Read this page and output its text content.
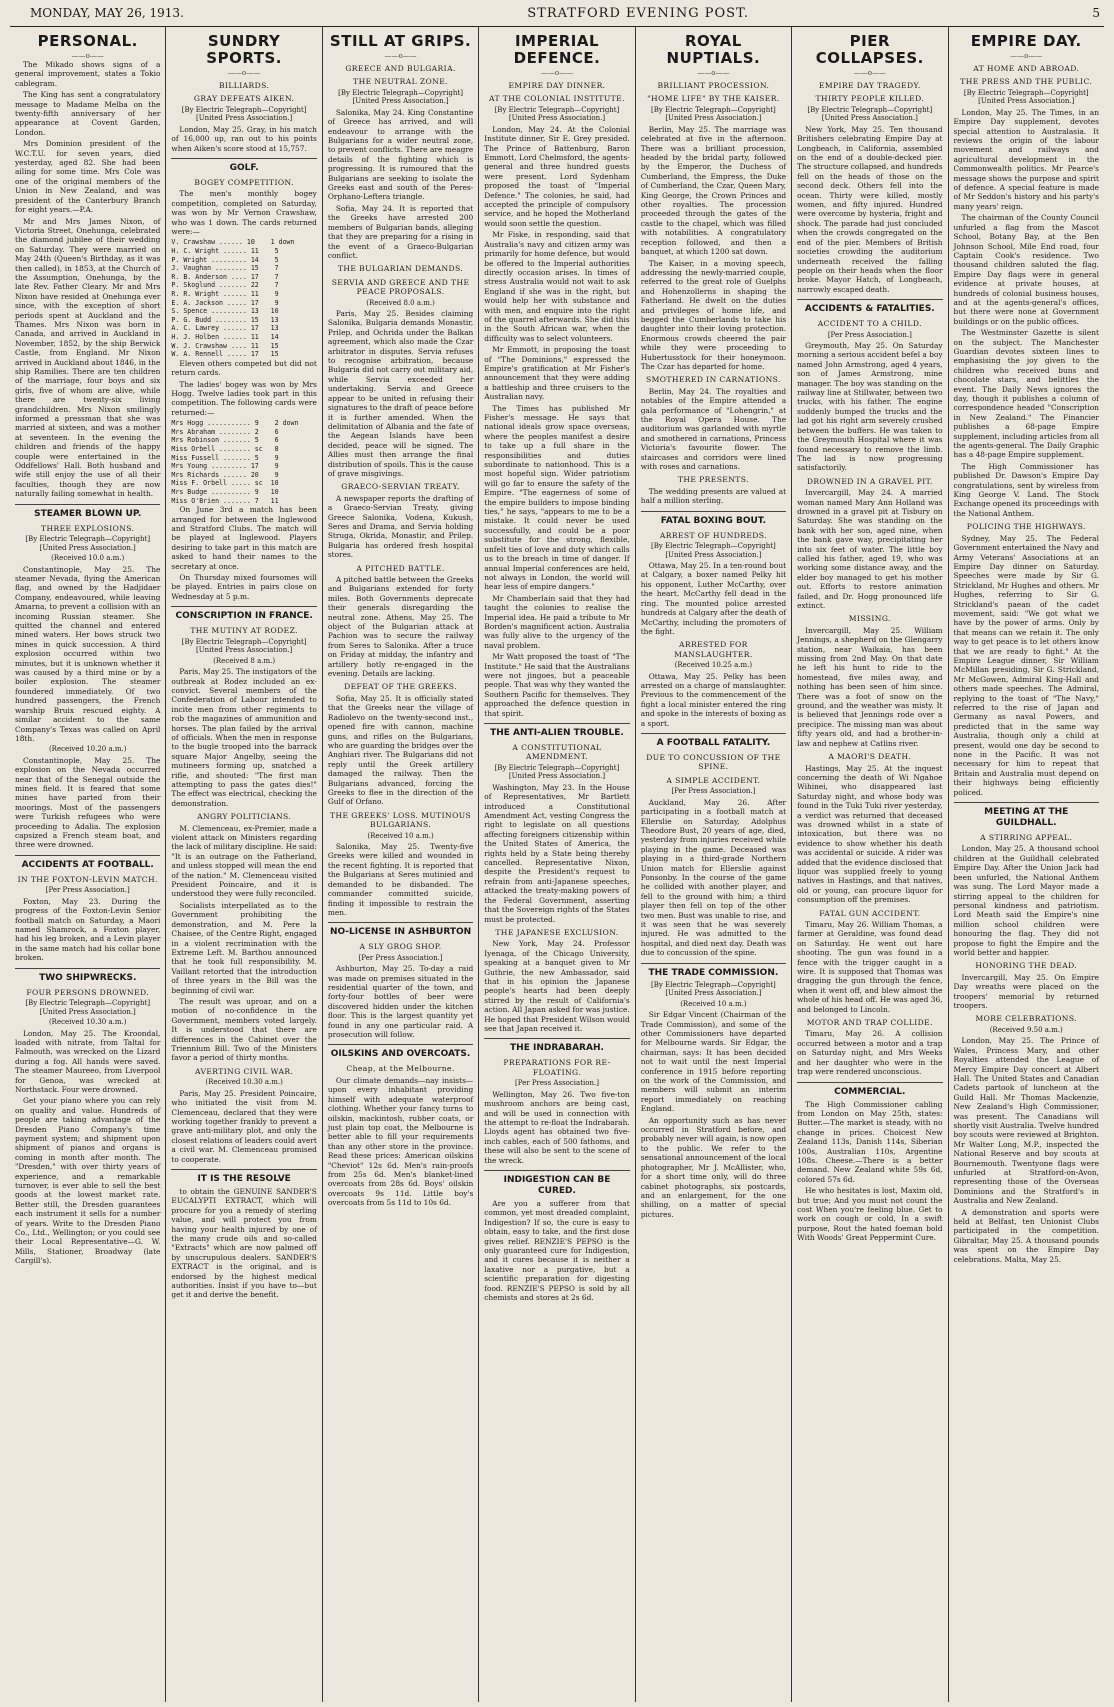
MONDAY, MAY 26, 1913.	STRATFORD EVENING POST.	5
PERSONAL.
——o——

The Mikado shows signs of a general improvement, states a Tokio cablegram.

The King has sent a congratulatory message to Madame Melba on the twenty-fifth anniversary of her appearance at Covent Garden, London.

Mrs Dominion president of the W.C.T.U. for seven years, died yesterday, aged 82. She had been ailing for some time. Mrs Cole was one of the original members of the Union in New Zealand, and was president of the Canterbury Branch for eight years.—P.A.

Mr and Mrs James Nixon, of Victoria Street, Onehunga, celebrated the diamond jubilee of their wedding on Saturday. They were married on May 24th (Queen's Birthday, as it was then called), in 1853, at the Church of the Assumption, Onehunga, by the late Rev. Father Cleary. Mr and Mrs Nixon have resided at Onehunga ever since, with the exception of short periods spent at Auckland and the Thames. Mrs Nixon was born in Canada, and arrived in Auckland in November, 1852, by the ship Berwick Castle, from England. Mr Nixon arrived in Auckland about 1846, in the ship Ramilies. There are ten children of the marriage, four boys and six girls, five of whom are alive, while there are twenty-six living grandchildren. Mrs Nixon smilingly informed a pressman that she was married at sixteen, and was a mother at seventeen. In the evening the children and friends of the happy couple were entertained in the Oddfellows' Hall. Both husband and wife still enjoy the use of all their faculties, though they are now naturally failing somewhat in health.

STEAMER BLOWN UP.
THREE EXPLOSIONS.
[By Electric Telegraph—Copyright] [United Press Association.]
(Received 10.0 a.m.)

Constantinople, May 25. The steamer Nevada, flying the American flag, and owned by the Hadjidaer Company, endeavoured, while leaving Amarna, to prevent a collision with an incoming Russian steamer. She quitted the channel and entered mined waters. Her bows struck two mines in quick succession. A third explosion occurred within two minutes, but it is unknown whether it was caused by a third mine or by a boiler explosion. The steamer foundered immediately. Of two hundred passengers, the French warship Bruix rescued eighty. A similar accident to the same Company's Texas was called on April 18th.

(Received 10.20 a.m.)

Constantinople, May 25. The explosion on the Nevada occurred near that of the Senegal outside the mines field. It is feared that some mines have parted from their moorings. Most of the passengers were Turkish refugees who were proceeding to Adalia. The explosion capsized a French steam boat, and three were drowned.

ACCIDENTS AT FOOTBALL.
IN THE FOXTON-LEVIN MATCH.
[Per Press Association.]

Foxton, May 23. During the progress of the Foxton-Levin Senior football match on Saturday, a Maori named Shamrock, a Foxton player, had his leg broken, and a Levin player in the same match had his collar bone broken.

TWO SHIPWRECKS.
FOUR PERSONS DROWNED.
[By Electric Telegraph—Copyright] [United Press Association.]
(Received 10.30 a.m.)

London, May 25. The Kroondal, loaded with nitrate, from Taltal for Falmouth, was wrecked on the Lizard during a fog. All hands were saved. The steamer Maureeo, from Liverpool for Genoa, was wrecked at Northstack. Four were drowned.

Get your piano where you can rely on quality and value. Hundreds of people are taking advantage of the Dresden Piano Company's time payment system; and shipment upon shipment of pianos and organs is coming in month after month. The "Dresden," with over thirty years of experience, and a remarkable turnover, is ever able to sell the best goods at the lowest market rate. Better still, the Dresden guarantees each instrument it sells for a number of years. Write to the Dresden Piano Co., Ltd., Wellington; or you could see their Local Representative—G. W. Mills, Stationer, Broadway (late Cargill's).

SUNDRY SPORTS.
——o——
BILLIARDS.
GRAY DEFEATS AIKEN.
[By Electric Telegraph—Copyright] [United Press Association.]

London, May 25. Gray, in his match of 16,000 up, ran out to his points when Aiken's score stood at 15,757.

GOLF.
BOGEY COMPETITION.

The men's monthly bogey competition, completed on Saturday, was won by Mr Vernon Crawshaw, who was 1 down. The cards returned were:—

V. Crawshaw ...... 10    1 down
H. C. Wright ...... 11    5
P. Wright ......... 14    5
J. Vaughan ........ 15    7
R. B. Anderson .... 17    7
P. Skoglund ....... 22    7
R. R. Wright ...... 11    9
E. A. Jackson ..... 17    9
S. Spence ......... 13   10
P. G. Budd ........ 15   13
A. C. Lawrey ...... 17   13
H. J. Holben ...... 11   14
W. J. Crawshaw .... 11   15
W. A. Rennell ..... 17   15

Eleven others competed but did not return cards.

The ladies' bogey was won by Mrs Hogg. Twelve ladies took part in this competition. The following cards were returned:—

Mrs Hogg ........... 9    2 down
Mrs Abraham ........ 2    6
Mrs Robinson ....... 5    6
Miss Orbell ........ sc   8
Miss Fussell ....... 5    9
Mrs Young ......... 17    9
Mrs Richards ...... 20    9
Miss F. Orbell ..... sc  10
Mrs Budge .......... 9   10
Miss O'Brien ....... 7   11

On June 3rd a match has been arranged for between the Inglewood and Stratford Clubs. The match will be played at Inglewood. Players desiring to take part in this match are asked to hand their names to the secretary at once.

On Thursday mixed foursomes will be played. Entries in pairs close on Wednesday at 5 p.m.

CONSCRIPTION IN FRANCE.
THE MUTINY AT RODEZ.
[By Electric Telegraph—Copyright] [United Press Association.]
(Received 8 a.m.)

Paris, May 25. The instigators of the outbreak at Rodez included an ex-convict. Several members of the Confederation of Labour intended to incite men from other regiments to rob the magazines of ammunition and horses. The plan failed by the arrival of officials. When the men in response to the bugle trooped into the barrack square Major Angelby, seeing the mutineers forming up, snatched a rifle, and shouted: "The first man attempting to pass the gates dies!" The effect was electrical, checking the demonstration.

ANGRY POLITICIANS.

M. Clemenceau, ex-Premier, made a violent attack on Ministers regarding the lack of military discipline. He said: "It is an outrage on the Fatherland, and unless stopped will mean the end of the nation." M. Clemenceau visited President Poincaire, and it is understood they were fully reconciled.

Socialists interpellated as to the Government prohibiting the demonstration, and M. Pere la Chaisee, of the Centre Right, engaged in a violent recrimination with the Extreme Left. M. Barthou announced that he took full responsibility. M. Vaillant retorted that the introduction of three years in the Bill was the beginning of civil war.

The result was uproar, and on a motion of no-confidence in the Government, members voted largely. It is understood that there are differences in the Cabinet over the Triennium Bill. Two of the Ministers favor a period of thirty months.

AVERTING CIVIL WAR.
(Received 10.30 a.m.)

Paris, May 25. President Poincaire, who initiated the visit from M. Clemenceau, declared that they were working together frankly to prevent a grave anti-military plot, and only the closest relations of leaders could avert a civil war. M. Clemenceau promised to cooperate.

IT IS THE RESOLVE

to obtain the GENUINE SANDER'S EUCALYPTI EXTRACT, which will procure for you a remedy of sterling value, and will protect you from having your health injured by one of the many crude oils and so-called "Extracts" which are now palmed off by unscrupulous dealers. SANDER'S EXTRACT is the original, and is endorsed by the highest medical authorities. Insist if you have to—but get it and derive the benefit.

STILL AT GRIPS.
——o——
GREECE AND BULGARIA.
THE NEUTRAL ZONE.
[By Electric Telegraph—Copyright] [United Press Association.]

Salonika, May 24. King Constantine of Greece has arrived, and will endeavour to arrange with the Bulgarians for a wider neutral zone, to prevent conflicts. There are meagre details of the fighting which is progressing. It is rumoured that the Bulgarians are seeking to isolate the Greeks east and south of the Peres-Orphano-Leftera triangle.

Sofia, May 24. It is reported that the Greeks have arrested 200 members of Bulgarian bands, alleging that they are preparing for a rising in the event of a Graeco-Bulgarian conflict.

THE BULGARIAN DEMANDS.
SERVIA AND GREECE AND THE PEACE PROPOSALS.
(Received 8.0 a.m.)

Paris, May 25. Besides claiming Salonika, Bulgaria demands Monastir, Prilep, and Ochrida under the Balkan agreement, which also made the Czar arbitrator in disputes. Servia refuses to recognise arbitration, because Bulgaria did not carry out military aid, while Servia exceeded her undertaking. Servia and Greece appear to be united in refusing their signatures to the draft of peace before it is further amended. When the delimitation of Albania and the fate of the Aegean Islands have been decided, peace will be signed. The Allies must then arrange the final distribution of spoils. This is the cause of grave misgivings.

GRAECO-SERVIAN TREATY.

A newspaper reports the drafting of a Graeco-Servian Treaty, giving Greece Salonika, Vodena, Kukush, Seres and Drama, and Servia holding Struga, Okrida, Monastir, and Prilep. Bulgaria has ordered fresh hospital stores.

A PITCHED BATTLE.

A pitched battle between the Greeks and Bulgarians extended for forty miles. Both Governments deprecate their generals disregarding the neutral zone. Athens, May 25. The object of the Bulgarian attack at Pachion was to secure the railway from Seres to Salonika. After a truce on Friday at midday, the infantry and artillery hotly re-engaged in the evening. Details are lacking.

DEFEAT OF THE GREEKS.

Sofia, May 25. It is officially stated that the Greeks near the village of Radiolevo on the twenty-second inst., opened fire with cannon, machine guns, and rifles on the Bulgarians, who are guarding the bridges over the Anghiari river. The Bulgarians did not reply until the Greek artillery damaged the railway. Then the Bulgarians advanced, forcing the Greeks to flee in the direction of the Gulf of Orfano.

THE GREEKS' LOSS. MUTINOUS BULGARIANS.
(Received 10 a.m.)

Salonika, May 25. Twenty-five Greeks were killed and wounded in the recent fighting. It is reported that the Bulgarians at Seres mutinied and demanded to be disbanded. The commander committed suicide, finding it impossible to restrain the men.

NO-LICENSE IN ASHBURTON
A SLY GROG SHOP.
[Per Press Association.]

Ashburton, May 25. To-day a raid was made on premises situated in the residential quarter of the town, and forty-four bottles of beer were discovered hidden under the kitchen floor. This is the largest quantity yet found in any one particular raid. A prosecution will follow.

OILSKINS AND OVERCOATS.
Cheap, at the Melbourne.

Our climate demands—nay insists—upon every inhabitant providing himself with adequate waterproof clothing. Whether your fancy turns to oilskin, mackintosh, rubber coats, or just plain top coat, the Melbourne is better able to fill your requirements than any other store in the province. Read these prices: American oilskins "Cheviot" 12s 6d. Men's rain-proofs from 25s 6d. Men's blanket-lined overcoats from 28s 6d. Boys' oilskin overcoats 9s 11d. Little boy's overcoats from 5s 11d to 10s 6d.

IMPERIAL DEFENCE.
——o——
EMPIRE DAY DINNER.
AT THE COLONIAL INSTITUTE.
[By Electric Telegraph—Copyright] [United Press Association.]

London, May 24. At the Colonial Institute dinner, Sir E. Grey presided. The Prince of Battenburg, Baron Emmott, Lord Chelmsford, the agents-general and three hundred guests were present. Lord Sydenham proposed the toast of "Imperial Defence." The colonies, he said, had accepted the principle of compulsory service, and he hoped the Motherland would soon settle the question.

Mr Fiske, in responding, said that Australia's navy and citizen army was primarily for home defence, but would be offered to the Imperial authorities directly occasion arises. In times of stress Australia would not wait to ask England if she was in the right, but would help her with substance and with men, and enquire into the right of the quarrel afterwards. She did this in the South African war, when the difficulty was to select volunteers.

Mr Emmott, in proposing the toast of "The Dominions," expressed the Empire's gratification at Mr Fisher's announcement that they were adding a battleship and three cruisers to the Australian navy.

The Times has published Mr Fisher's message. He says that national ideals grow space overseas, where the peoples manifest a desire to take up a full share in the responsibilities and duties subordinate to nationhood. This is a most hopeful sign. Wider patriotism will go far to ensure the safety of the Empire. "The eagerness of some of the empire builders to impose binding ties," he says, "appears to me to be a mistake. It could never be used successfully, and could be a poor substitute for the strong, flexible, unfelt ties of love and duty which calls us to the breach in time of danger. If annual Imperial conferences are held, not always in London, the world will hear less of empire dangers."

Mr Chamberlain said that they had taught the colonies to realise the Imperial idea. He paid a tribute to Mr Borden's magnificent action. Australia was fully alive to the urgency of the naval problem.

Mr Watt proposed the toast of "The Institute." He said that the Australians were not jingoes, but a peaceable people. That was why they wanted the Southern Pacific for themselves. They approached the defence question in that spirit.

THE ANTI-ALIEN TROUBLE.
A CONSTITUTIONAL AMENDMENT.
[By Electric Telegraph—Copyright] [United Press Association.]

Washington, May 23. In the House of Representatives, Mr Bartlett introduced a Constitutional Amendment Act, vesting Congress the right to legislate on all questions affecting foreigners citizenship within the United States of America, the rights held by a State being thereby cancelled. Representative Nixon, despite the President's request to refrain from anti-Japanese speeches, attacked the treaty-making powers of the Federal Government, asserting that the Sovereign rights of the States must be protected.

THE JAPANESE EXCLUSION.

New York, May 24. Professor Iyenaga, of the Chicago University, speaking at a banquet given to Mr Guthrie, the new Ambassador, said that in his opinion the Japanese people's hearts had been deeply stirred by the result of California's action. All Japan asked for was justice. He hoped that President Wilson would see that Japan received it.

THE INDRABARAH.
PREPARATIONS FOR RE-FLOATING.
[Per Press Association.]

Wellington, May 26. Two five-ton mushroom anchors are being cast, and will be used in connection with the attempt to re-float the Indrabarah. Lloyds agent has obtained two five-inch cables, each of 500 fathoms, and these will also be sent to the scene of the wreck.

INDIGESTION CAN BE CURED.

Are you a sufferer from that common, yet most dreaded complaint, Indigestion? If so, the cure is easy to obtain, easy to take, and the first dose gives relief. RENZIE'S PEPSO is the only guaranteed cure for Indigestion, and it cures because it is neither a laxative nor a purgative, but a scientific preparation for digesting food. RENZIE'S PEPSO is sold by all chemists and stores at 2s 6d.

ROYAL NUPTIALS.
——o——
BRILLIANT PROCESSION.
"HOME LIFE" BY THE KAISER.
[By Electric Telegraph—Copyright] [United Press Association.]

Berlin, May 25. The marriage was celebrated at five in the afternoon. There was a brilliant procession, headed by the bridal party, followed by the Emperor, the Duchess of Cumberland, the Empress, the Duke of Cumberland, the Czar, Queen Mary, King George, the Crown Princes and other royalties. The procession proceeded through the gates of the castle to the chapel, which was filled with notabilities. A congratulatory reception followed, and then a banquet, at which 1200 sat down.

The Kaiser, in a moving speech, addressing the newly-married couple, referred to the great role of Guelphs and Hohenzollerns in shaping the Fatherland. He dwelt on the duties and privileges of home life, and begged the Cumberlands to take his daughter into their loving protection. Enormous crowds cheered the pair while they were proceeding to Hubertusstock for their honeymoon. The Czar has departed for home.

SMOTHERED IN CARNATIONS.

Berlin, May 24. The royalties and notables of the Empire attended a gala performance of "Lohengrin," at the Royal Opera House. The auditorium was garlanded with myrtle and smothered in carnations, Princess Victoria's favourite flower. The staircases and corridors were lined with roses and carnations.

THE PRESENTS.

The wedding presents are valued at half a million sterling.

FATAL BOXING BOUT.
ARREST OF HUNDREDS.
[By Electric Telegraph—Copyright] [United Press Association.]

Ottawa, May 25. In a ten-round bout at Calgary, a boxer named Pelky hit his opponent, Luther McCarthy, over the heart. McCarthy fell dead in the ring. The mounted police arrested hundreds at Calgary after the death of McCarthy, including the promoters of the fight.

ARRESTED FOR MANSLAUGHTER.
(Received 10.25 a.m.)

Ottawa, May 25. Pelky has been arrested on a charge of manslaughter. Previous to the commencement of the fight a local minister entered the ring and spoke in the interests of boxing as a sport.

A FOOTBALL FATALITY.
DUE TO CONCUSSION OF THE SPINE.
A SIMPLE ACCIDENT.
[Per Press Association.]

Auckland, May 26. After participating in a football match at Ellerslie on Saturday, Adolphus Theodore Bust, 20 years of age, died, yesterday from injuries received while playing in the game. Deceased was playing in a third-grade Northern Union match for Ellerslie against Ponsonby. In the course of the game he collided with another player, and fell to the ground with him; a third player then fell on top of the other two men. Bust was unable to rise, and it was seen that he was severely injured. He was admitted to the hospital, and died next day. Death was due to concussion of the spine.

THE TRADE COMMISSION.
[By Electric Telegraph—Copyright] [United Press Association.]
(Received 10 a.m.)

Sir Edgar Vincent (Chairman of the Trade Commission), and some of the other Commissioners have departed for Melbourne wards. Sir Edgar, the chairman, says: It has been decided not to wait until the next Imperial conference in 1915 before reporting on the work of the Commission, and members will submit an interim report immediately on reaching England.

An opportunity such as has never occurred in Stratford before, and probably never will again, is now open to the public. We refer to the sensational announcement of the local photographer, Mr J. McAllister, who, for a short time only, will do three cabinet photographs, six postcards, and an enlargement, for the one shilling, on a matter of special pictures.

PIER COLLAPSES.
——o——
EMPIRE DAY TRAGEDY.
THIRTY PEOPLE KILLED.
[By Electric Telegraph—Copyright] [United Press Association.]

New York, May 25. Ten thousand Britishers celebrating Empire Day at Longbeach, in California, assembled on the end of a double-decked pier. The structure collapsed, and hundreds fell on the heads of those on the second deck. Others fell into the ocean. Thirty were killed, mostly women, and fifty injured. Hundred were overcome by hysteria, fright and shock. The parade had just concluded when the crowds congregated on the end of the pier. Members of British societies crowding the auditorium underneath received the falling people on their heads when the floor broke. Mayor Hatch, of Longbeach, narrowly escaped death.

ACCIDENTS & FATALITIES.
ACCIDENT TO A CHILD.
[Per Press Association.]

Greymouth, May 25. On Saturday morning a serious accident befel a boy named John Armstrong, aged 4 years, son of James Armstrong, mine manager. The boy was standing on the railway line at Stillwater, between two trucks, with his father. The engine suddenly bumped the trucks and the lad got his right arm severely crushed between the buffers. He was taken to the Greymouth Hospital where it was found necessary to remove the limb. The lad is now progressing satisfactorily.

DROWNED IN A GRAVEL PIT.

Invercargill, May 24. A married woman named Mary Ann Holland was drowned in a gravel pit at Tisbury on Saturday. She was standing on the bank with her son, aged nine, when the bank gave way, precipitating her into six feet of water. The little boy called his father, aged 19, who was working some distance away, and the elder boy managed to get his mother out. Efforts to restore animation failed, and Dr. Hogg pronounced life extinct.

MISSING.

Invercargill, May 25. William Jennings, a shepherd on the Glengarry station, near Waikaia, has been missing from 2nd May. On that date he left his hunt to ride to the homestead, five miles away, and nothing has been seen of him since. There was a foot of snow on the ground, and the weather was misty. It is believed that Jennings rode over a precipice. The missing man was about fifty years old, and had a brother-in-law and nephew at Catlins river.

A MAORI'S DEATH.

Hastings, May 25. At the inquest concerning the death of Wi Ngahoe Wihinei, who disappeared last Saturday night, and whose body was found in the Tuki Tuki river yesterday, a verdict was returned that deceased was drowned whilst in a state of intoxication, but there was no evidence to show whether his death was accidental or suicide. A rider was added that the evidence disclosed that liquor was supplied freely to young natives in Hastings, and that natives, old or young, can procure liquor for consumption off the premises.

FATAL GUN ACCIDENT.

Timaru, May 26. William Thomas, a farmer at Geraldine, was found dead on Saturday. He went out hare shooting. The gun was found in a fence with the trigger caught in a wire. It is supposed that Thomas was dragging the gun through the fence, when it went off, and blew almost the whole of his head off. He was aged 36, and belonged to Lincoln.

MOTOR AND TRAP COLLIDE.

Timaru, May 26. A collision occurred between a motor and a trap on Saturday night, and Mrs Weeks and her daughter who were in the trap were rendered unconscious.

COMMERCIAL.

The High Commissioner cabling from London on May 25th, states: Butter.—The market is steady, with no change in prices. Choicest New Zealand 113s, Danish 114s, Siberian 100s, Australian 110s, Argentine 108s. Cheese.—There is a better demand. New Zealand white 59s 6d, colored 57s 6d.

He who hesitates is lost, Maxim old, but true; And you must not count the cost When you're feeling blue. Get to work on cough or cold, In a swift purpose, Rout the hated foeman bold With Woods' Great Peppermint Cure.

EMPIRE DAY.
——o——
AT HOME AND ABROAD.
THE PRESS AND THE PUBLIC.
[By Electric Telegraph—Copyright] [United Press Association.]

London, May 25. The Times, in an Empire Day supplement, devotes special attention to Australasia. It reviews the origin of the labour movement and railways and agricultural development in the Commonwealth politics. Mr Pearce's message shows the purpose and spirit of defence. A special feature is made of Mr Seddon's history and his party's many years' reign.

The chairman of the County Council unfurled a flag from the Mascot School, Botany Bay, at the Ben Johnson School, Mile End road, four Captain Cook's residence. Two thousand children saluted the flag. Empire Day flags were in general evidence at private houses, at hundreds of colonial business houses, and at the agents-general's offices, but there were none at Government buildings or on the public offices.

The Westminster Gazette is silent on the subject. The Manchester Guardian devotes sixteen lines to emphasising the joy given to the children who received buns and chocolate stars, and belittles the event. The Daily News ignores the day, though it publishes a column of correspondence headed "Conscription in New Zealand." The Financier publishes a 68-page Empire supplement, including articles from all the agents-general. The Daily Graphic has a 48-page Empire supplement.

The High Commissioner has published Dr. Dawson's Empire Day congratulations, sent by wireless from King George V. Land. The Stock Exchange opened its proceedings with the National Anthem.

POLICING THE HIGHWAYS.

Sydney, May 25. The Federal Government entertained the Navy and Army Veterans' Associations at an Empire Day dinner on Saturday. Speeches were made by Sir G. Strickland, Mr Hughes and others. Mr Hughes, referring to Sir G. Strickland's paean of the cadet movement, said: "We got what we have by the power of arms. Only by that means can we retain it. The only way to get peace is to let others know that we are ready to fight." At the Empire League dinner, Sir William McMillan presiding, Sir G. Strickland, Mr McGowen, Admiral King-Hall and others made speeches. The Admiral, replying to the toast of "The Navy," referred to the rise of Japan and Germany as naval Powers, and predicted that in the same way Australia, though only a child at present, would one day be second to none in the Pacific. It was not necessary for him to repeat that Britain and Australia must depend on their highways being efficiently policed.

MEETING AT THE GUILDHALL.
A STIRRING APPEAL.

London, May 25. A thousand school children at the Guildhall celebrated Empire Day. After the Union Jack had been unfurled, the National Anthem was sung. The Lord Mayor made a stirring appeal to the children for personal kindness and patriotism. Lord Meath said the Empire's nine million school children were honouring the flag. They did not propose to fight the Empire and the world better and happier.

HONORING THE DEAD.

Invercargill, May 25. On Empire Day wreaths were placed on the troopers' memorial by returned troopers.

MORE CELEBRATIONS.
(Received 9.50 a.m.)

London, May 25. The Prince of Wales, Princess Mary, and other Royalties attended the League of Mercy Empire Day concert at Albert Hall. The United States and Canadian Cadets partook of luncheon at the Guild Hall. Mr Thomas Mackenzie, New Zealand's High Commissioner, was present. The Canadians will shortly visit Australia. Twelve hundred boy scouts were reviewed at Brighton. Mr Walter Long, M.P., inspected the National Reserve and boy scouts at Bournemouth. Twentyone flags were unfurled at Stratford-on-Avon, representing those of the Overseas Dominions and the Stratford's in Australia and New Zealand.

A demonstration and sports were held at Belfast, ten Unionist Clubs participated in the competition. Gibraltar, May 25. A thousand pounds was spent on the Empire Day celebrations. Malta, May 25.
